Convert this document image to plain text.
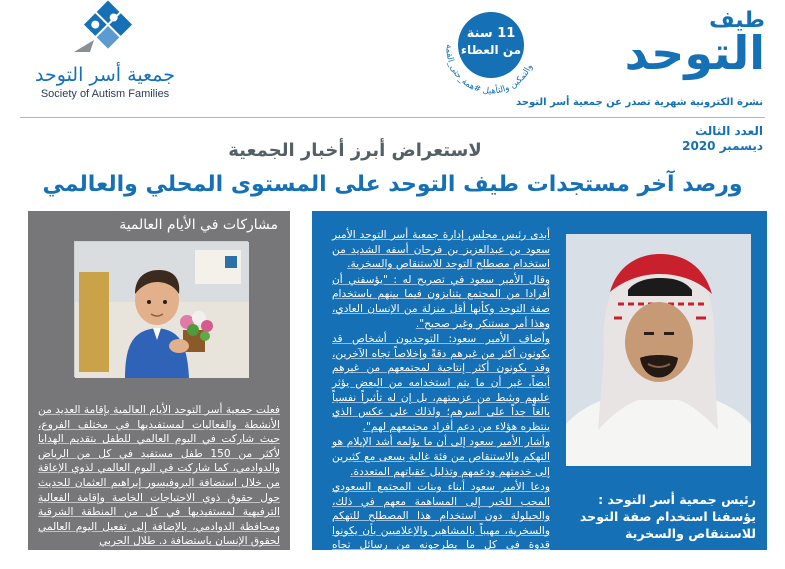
طيف
التوحد
نشرة الكترونية شهرية تصدر عن جمعية أسر التوحد
والتمكين والتأهيل #همة_حتى_القمة
11 سنة
من العطاء
جمعية أسر التوحد
Society of Autism Families
العدد الثالث
ديسمبر 2020
لاستعراض أبرز أخبار الجمعية
ورصد آخر مستجدات طيف التوحد على المستوى المحلي والعالمي
مشاركات في الأيام العالمية
فعلت جمعية أسر التوحد الأيام العالمية بإقامة العديد من الأنشطة والفعاليات لمستفيديها في مختلف الفروع، حيث شاركت في اليوم العالمي للطفل بتقديم الهدايا لأكثر من 150 طفل مستفيد في كل من الرياض والدوادمي، كما شاركت في اليوم العالمي لذوي الإعاقة من خلال استضافة البروفيسور إبراهيم العثمان للحديث حول حقوق ذوي الاحتياجات الخاصة وإقامة الفعالية الترفيهية لمستفيديها في كل من المنطقة الشرقية ومحافظة الدوادمي، بالإضافة إلى تفعيل اليوم العالمي لحقوق الإنسان باستضافة د. طلال الحربي

أبدى رئيس مجلس إدارة جمعية أسر التوحد الأمير سعود بن عبدالعزيز بن فرحان أسفه الشديد من استخدام مصطلح التوحد للاستنقاص والسخرية.

وقال الأمير سعود في تصريح له : "يؤسفني أن أفرادا من المجتمع يتنابزون فيما بينهم باستخدام صفة التوحد وكأنها أقل منزلة من الإنسان العادي، وهذا أمر مستنكر وغير صحيح".

وأضاف الأمير سعود: التوحديون أشخاص قد يكونون أكثر من غيرهم دقةً وإخلاصاً تجاه الآخرين، وقد يكونون أكثر إنتاجية لمجتمعهم من غيرهم أيضاً، غير أن ما يتم استخدامه من البعض يؤثر عليهم ويثبط من عزيمتهم، بل إن له تأثيراً نفسياً بالغاً جداً على أسرهم؛ ولذلك على عكس الذي ينتظره هؤلاء من دعم أفراد مجتمعهم لهم".

وأشار الأمير سعود إلى أن ما يؤلمه أشد الإيلام هو التهكم والاستنقاص من فئة غالية يسعى مع كثيرين إلى خدمتهم ودعمهم وتذليل عقباتهم المتعددة.

ودعا الأمير سعود أبناء وبنات المجتمع السعودي المحب للخير إلى المساهمة معهم في ذلك، والحيلولة دون استخدام هذا المصطلح للتهكم والسخرية، مهيباً بالمشاهير والإعلاميين بأن يكونوا قدوة في كل ما يطرحونه من رسائل تجاه المجتمع.

رئيس جمعية أسر التوحد : يؤسفنا استخدام صفة التوحد للاستنقاص والسخرية
